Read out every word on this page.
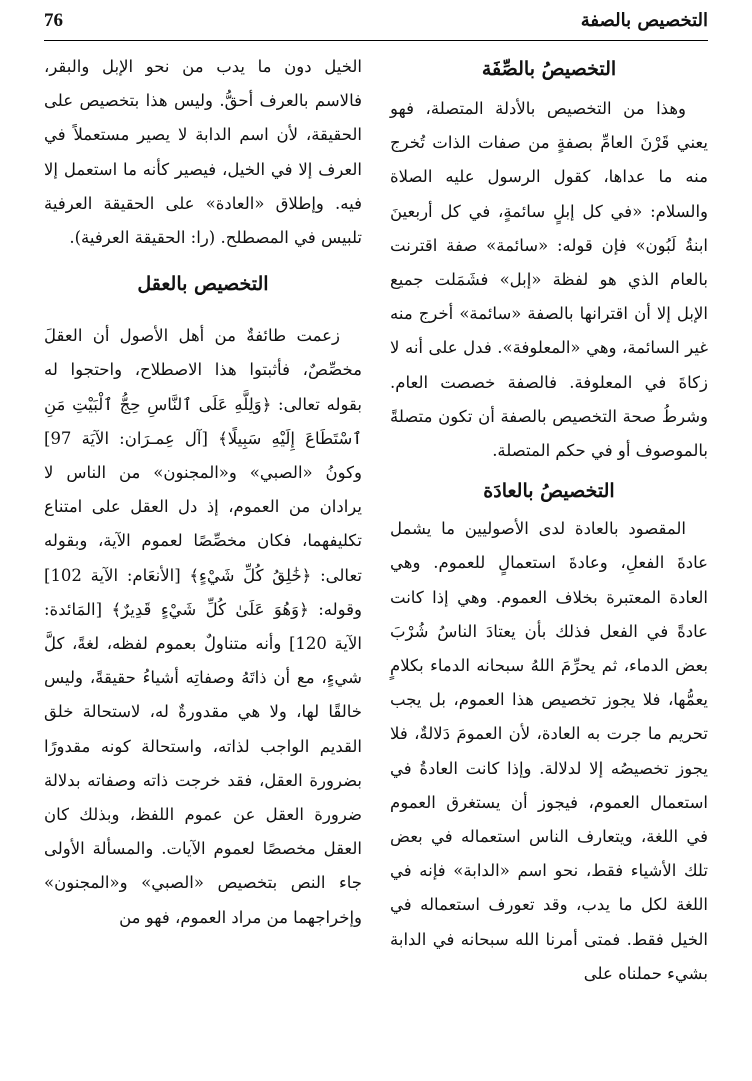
76	التخصيص بالصفة
التخصيصُ بالصِّفَة

وهذا من التخصيص بالأدلة المتصلة، فهو يعني قَرْنَ العامِّ بصفةٍ من صفات الذات تُخرج منه ما عداها، كقول الرسول عليه الصلاة والسلام: «في كل إبلٍ سائمةٍ، في كل أربعينَ ابنةُ لَبُون» فإن قوله: «سائمة» صفة اقترنت بالعام الذي هو لفظة «إبل» فشَمَلت جميع الإبل إلا أن اقترانها بالصفة «سائمة» أخرج منه غير السائمة، وهي «المعلوفة». فدل على أنه لا زكاةَ في المعلوفة. فالصفة خصصت العام. وشرطُ صحة التخصيص بالصفة أن تكون متصلةً بالموصوف أو في حكم المتصلة.

التخصيصُ بالعادَة

المقصود بالعادة لدى الأصوليين ما يشمل عادةَ الفعلِ، وعادةَ استعمالٍ للعموم. وهي العادة المعتبرة بخلاف العموم. وهي إذا كانت عادةً في الفعل فذلك بأن يعتادَ الناسُ شُرْبَ بعض الدماء، ثم يحرِّمَ اللهُ سبحانه الدماء بكلامٍ يعمُّها، فلا يجوز تخصيص هذا العموم، بل يجب تحريم ما جرت به العادة، لأن العمومَ دَلالةٌ، فلا يجوز تخصيصُه إلا لدلالة. وإذا كانت العادةُ في استعمال العموم، فيجوز أن يستغرق العموم في اللغة، ويتعارف الناس استعماله في بعض تلك الأشياء فقط، نحو اسم «الدابة» فإنه في اللغة لكل ما يدب، وقد تعورف استعماله في الخيل فقط. فمتى أمرنا الله سبحانه في الدابة بشيء حملناه على

الخيل دون ما يدب من نحو الإبل والبقر، فالاسم بالعرف أحقُّ. وليس هذا بتخصيص على الحقيقة، لأن اسم الدابة لا يصير مستعملاً في العرف إلا في الخيل، فيصير كأنه ما استعمل إلا فيه. وإطلاق «العادة» على الحقيقة العرفية تلبيس في المصطلح. (را: الحقيقة العرفية).

التخصيص بالعقل

زعمت طائفةٌ من أهل الأصول أن العقلَ مخصِّصٌ، فأثبتوا هذا الاصطلاح، واحتجوا له بقوله تعالى: ﴿وَلِلَّهِ عَلَى ٱلنَّاسِ حِجُّ ٱلْبَيْتِ مَنِ ٱسْتَطَاعَ إِلَيْهِ سَبِيلًا﴾ [آل عِمـرَان: الآيَة 97] وكونُ «الصبي» و«المجنون» من الناس لا يرادان من العموم، إذ دل العقل على امتناع تكليفهما، فكان مخصِّصًا لعموم الآية، وبقوله تعالى: ﴿خَٰلِقُ كُلِّ شَيْءٍ﴾ [الأنعَام: الآية 102] وقوله: ﴿وَهُوَ عَلَىٰ كُلِّ شَيْءٍ قَدِيرٌ﴾ [المَائدة: الآية 120] وأنه متناولٌ بعموم لفظه، لغةً، كلَّ شيءٍ، مع أن ذاتَهُ وصفاتِه أشياءُ حقيقةً، وليس خالقًا لها، ولا هي مقدورةٌ له، لاستحالة خلق القديم الواجب لذاته، واستحالة كونه مقدورًا بضرورة العقل، فقد خرجت ذاته وصفاته بدلالة ضرورة العقل عن عموم اللفظ، وبذلك كان العقل مخصصًا لعموم الآيات. والمسألة الأولى جاء النص بتخصيص «الصبي» و«المجنون» وإخراجهما من مراد العموم، فهو من
